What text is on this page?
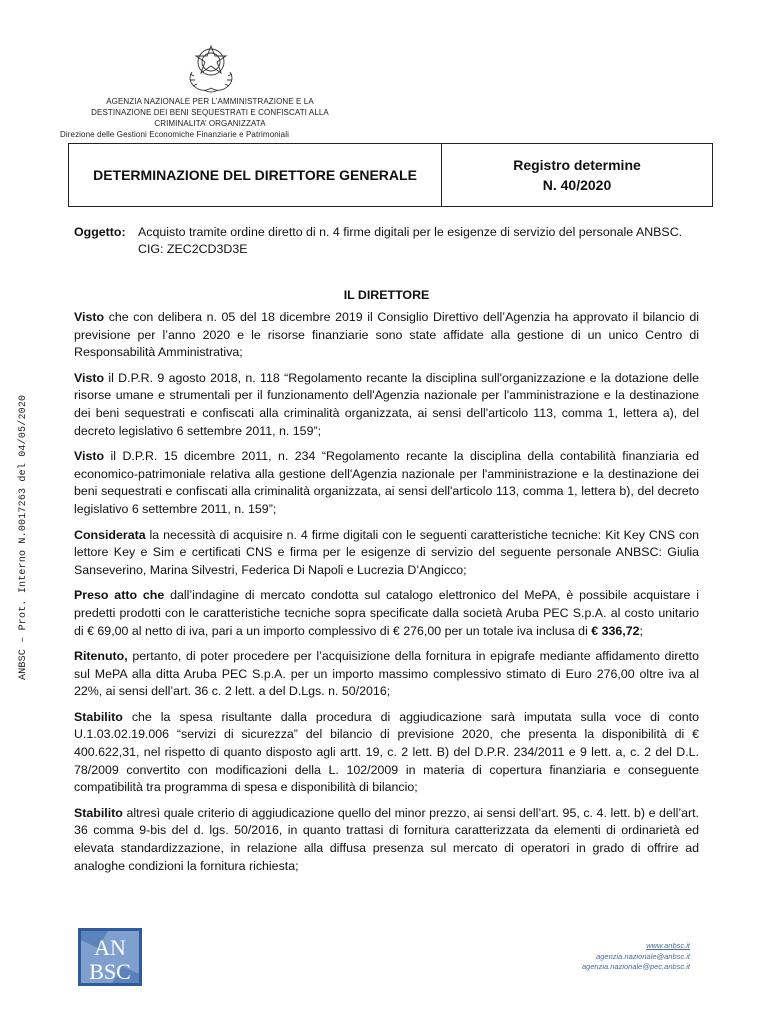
AGENZIA NAZIONALE PER L’AMMINISTRAZIONE E LA
DESTINAZIONE DEI BENI SEQUESTRATI E CONFISCATI ALLA
CRIMINALITA’ ORGANIZZATA
Direzione delle Gestioni Economiche Finanziarie e Patrimoniali
DETERMINAZIONE DEL DIRETTORE GENERALE
Registro determine
N. 40/2020
ANBSC – Prot. Interno N.0017263 del 04/05/2020
Oggetto: Acquisto tramite ordine diretto di n. 4 firme digitali per le esigenze di servizio del personale ANBSC.
CIG: ZEC2CD3D3E
IL DIRETTORE

Visto che con delibera n. 05 del 18 dicembre 2019 il Consiglio Direttivo dell’Agenzia ha approvato il bilancio di previsione per l’anno 2020 e le risorse finanziarie sono state affidate alla gestione di un unico Centro di Responsabilità Amministrativa;

Visto il D.P.R. 9 agosto 2018, n. 118 “Regolamento recante la disciplina sull'organizzazione e la dotazione delle risorse umane e strumentali per il funzionamento dell'Agenzia nazionale per l'amministrazione e la destinazione dei beni sequestrati e confiscati alla criminalità organizzata, ai sensi dell'articolo 113, comma 1, lettera a), del decreto legislativo 6 settembre 2011, n. 159”;

Visto il D.P.R. 15 dicembre 2011, n. 234 “Regolamento recante la disciplina della contabilità finanziaria ed economico-patrimoniale relativa alla gestione dell'Agenzia nazionale per l'amministrazione e la destinazione dei beni sequestrati e confiscati alla criminalità organizzata, ai sensi dell'articolo 113, comma 1, lettera b), del decreto legislativo 6 settembre 2011, n. 159”;

Considerata la necessità di acquisire n. 4 firme digitali con le seguenti caratteristiche tecniche: Kit Key CNS con lettore Key e Sim e certificati CNS e firma per le esigenze di servizio del seguente personale ANBSC: Giulia Sanseverino, Marina Silvestri, Federica Di Napoli e Lucrezia D’Angicco;

Preso atto che dall’indagine di mercato condotta sul catalogo elettronico del MePA, è possibile acquistare i predetti prodotti con le caratteristiche tecniche sopra specificate dalla società Aruba PEC S.p.A. al costo unitario di € 69,00 al netto di iva, pari a un importo complessivo di € 276,00 per un totale iva inclusa di € 336,72;

Ritenuto, pertanto, di poter procedere per l’acquisizione della fornitura in epigrafe mediante affidamento diretto sul MePA alla ditta Aruba PEC S.p.A. per un importo massimo complessivo stimato di Euro 276,00 oltre iva al 22%, ai sensi dell’art. 36 c. 2 lett. a del D.Lgs. n. 50/2016;

Stabilito che la spesa risultante dalla procedura di aggiudicazione sarà imputata sulla voce di conto U.1.03.02.19.006 “servizi di sicurezza” del bilancio di previsione 2020, che presenta la disponibilità di € 400.622,31, nel rispetto di quanto disposto agli artt. 19, c. 2 lett. B) del D.P.R. 234/2011 e 9 lett. a, c. 2 del D.L. 78/2009 convertito con modificazioni della L. 102/2009 in materia di copertura finanziaria e conseguente compatibilità tra programma di spesa e disponibilità di bilancio;

Stabilito altresì quale criterio di aggiudicazione quello del minor prezzo, ai sensi dell’art. 95, c. 4. lett. b) e dell’art. 36 comma 9-bis del d. lgs. 50/2016, in quanto trattasi di fornitura caratterizzata da elementi di ordinarietà ed elevata standardizzazione, in relazione alla diffusa presenza sul mercato di operatori in grado di offrire ad analoghe condizioni la fornitura richiesta;

AN
BSC
www.anbsc.it
agenzia.nazionale@anbsc.it
agenzia.nazionale@pec.anbsc.it
